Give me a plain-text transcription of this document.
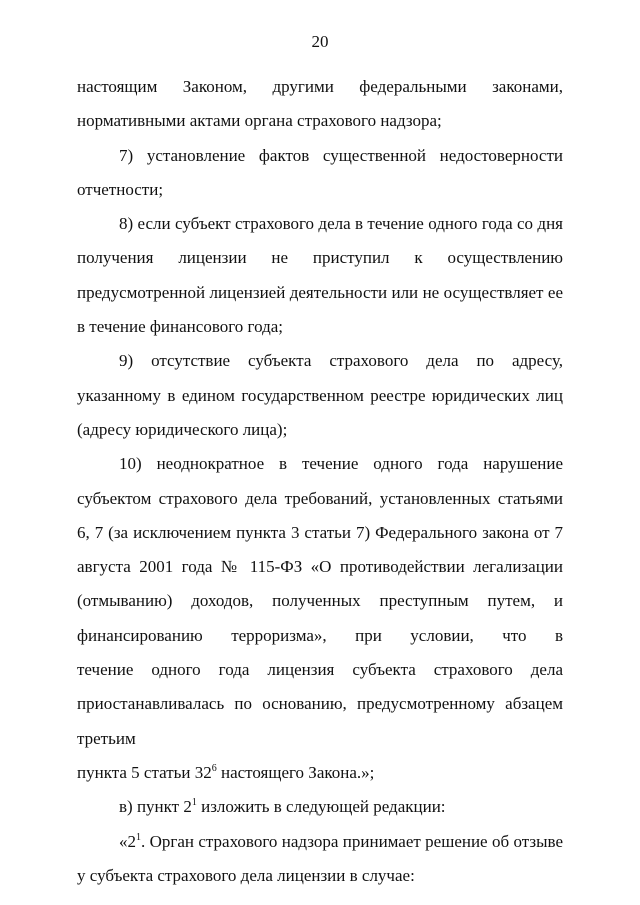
20

настоящим Законом, другими федеральными законами, нормативными актами органа страхового надзора;

7) установление фактов существенной недостоверности отчетности;

8) если субъект страхового дела в течение одного года со дня получения лицензии не приступил к осуществлению предусмотренной лицензией деятельности или не осуществляет ее в течение финансового года;

9) отсутствие субъекта страхового дела по адресу, указанному в едином государственном реестре юридических лиц (адресу юридического лица);

10) неоднократное в течение одного года нарушение субъектом страхового дела требований, установленных статьями 6, 7 (за исключением пункта 3 статьи 7) Федерального закона от 7 августа 2001 года № 115-ФЗ «О противодействии легализации (отмыванию) доходов, полученных преступным путем, и финансированию терроризма», при условии, что в

течение одного года лицензия субъекта страхового дела

приостанавливалась по основанию, предусмотренному абзацем третьим

пункта 5 статьи $32^6$ настоящего Закона.»;

в) пункт $2^1$ изложить в следующей редакции:

«$2^1$. Орган страхового надзора принимает решение об отзыве у субъекта страхового дела лицензии в случае:
